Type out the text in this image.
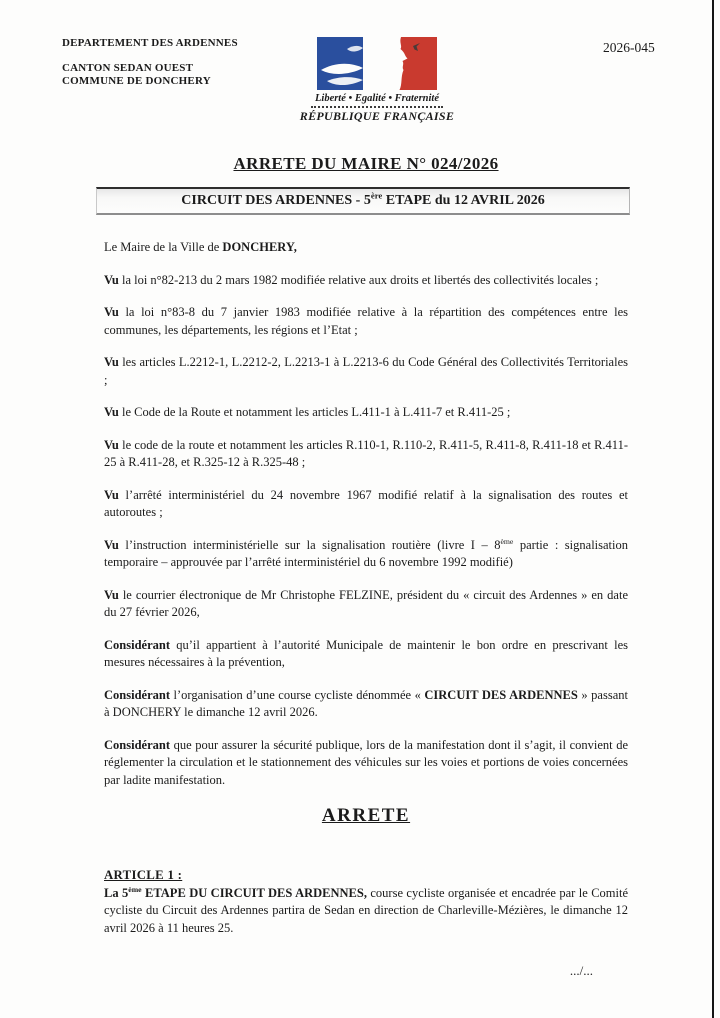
DEPARTEMENT DES ARDENNES
CANTON SEDAN OUEST
COMMUNE DE DONCHERY
Liberté • Egalité • Fraternité
RÉPUBLIQUE FRANÇAISE
2026-045
ARRETE DU MAIRE N° 024/2026
CIRCUIT DES ARDENNES - 5ère ETAPE du 12 AVRIL 2026

Le Maire de la Ville de DONCHERY,

Vu la loi n°82-213 du 2 mars 1982 modifiée relative aux droits et libertés des collectivités locales ;

Vu la loi n°83-8 du 7 janvier 1983 modifiée relative à la répartition des compétences entre les communes, les départements, les régions et l’Etat ;

Vu les articles L.2212-1, L.2212-2, L.2213-1 à L.2213-6 du Code Général des Collectivités Territoriales ;

Vu le Code de la Route et notamment les articles L.411-1 à L.411-7 et R.411-25 ;

Vu le code de la route et notamment les articles R.110-1, R.110-2, R.411-5, R.411-8, R.411-18 et R.411-25 à R.411-28, et R.325-12 à R.325-48 ;

Vu l’arrêté interministériel du 24 novembre 1967 modifié relatif à la signalisation des routes et autoroutes ;

Vu l’instruction interministérielle sur la signalisation routière (livre I – 8ème partie : signalisation temporaire – approuvée par l’arrêté interministériel du 6 novembre 1992 modifié)

Vu le courrier électronique de Mr Christophe FELZINE, président du « circuit des Ardennes » en date du 27 février 2026,

Considérant qu’il appartient à l’autorité Municipale de maintenir le bon ordre en prescrivant les mesures nécessaires à la prévention,

Considérant l’organisation d’une course cycliste dénommée « CIRCUIT DES ARDENNES » passant à DONCHERY le dimanche 12 avril 2026.

Considérant que pour assurer la sécurité publique, lors de la manifestation dont il s’agit, il convient de réglementer la circulation et le stationnement des véhicules sur les voies et portions de voies concernées par ladite manifestation.

ARRETE
ARTICLE 1 :

La 5ème ETAPE DU CIRCUIT DES ARDENNES, course cycliste organisée et encadrée par le Comité cycliste du Circuit des Ardennes partira de Sedan en direction de Charleville-Mézières, le dimanche 12 avril 2026 à 11 heures 25.

.../...
